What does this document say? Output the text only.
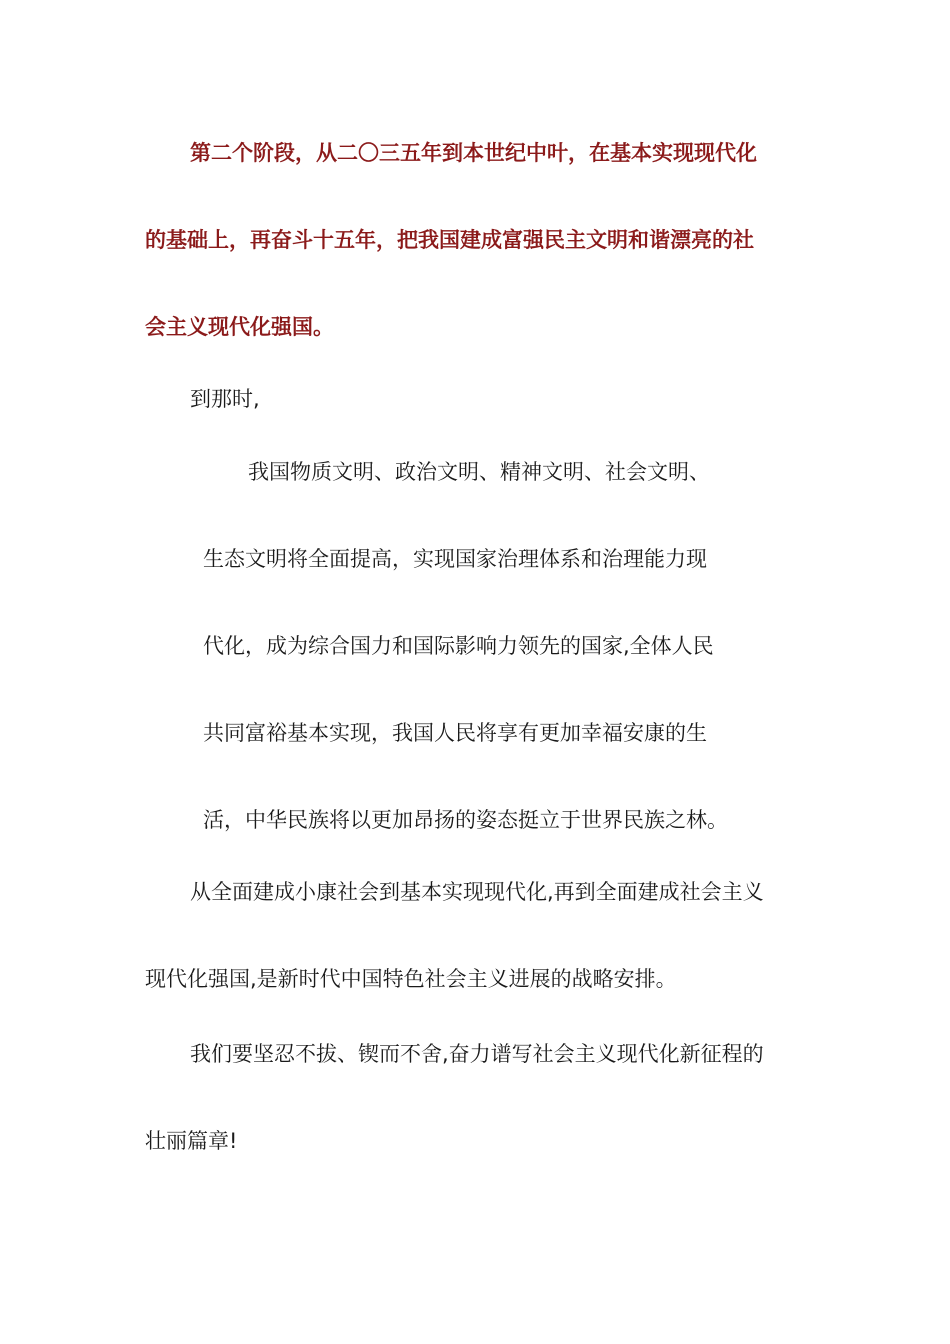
第二个阶段，从二〇三五年到本世纪中叶，在基本实现现代化
的基础上，再奋斗十五年，把我国建成富强民主文明和谐漂亮的社
会主义现代化强国。
到那时,
我国物质文明、政治文明、精神文明、社会文明、
生态文明将全面提高，实现国家治理体系和治理能力现
代化，成为综合国力和国际影响力领先的国家,全体人民
共同富裕基本实现，我国人民将享有更加幸福安康的生
活，中华民族将以更加昂扬的姿态挺立于世界民族之林。
从全面建成小康社会到基本实现现代化,再到全面建成社会主义
现代化强国,是新时代中国特色社会主义进展的战略安排。
我们要坚忍不拔、锲而不舍,奋力谱写社会主义现代化新征程的
壮丽篇章!
